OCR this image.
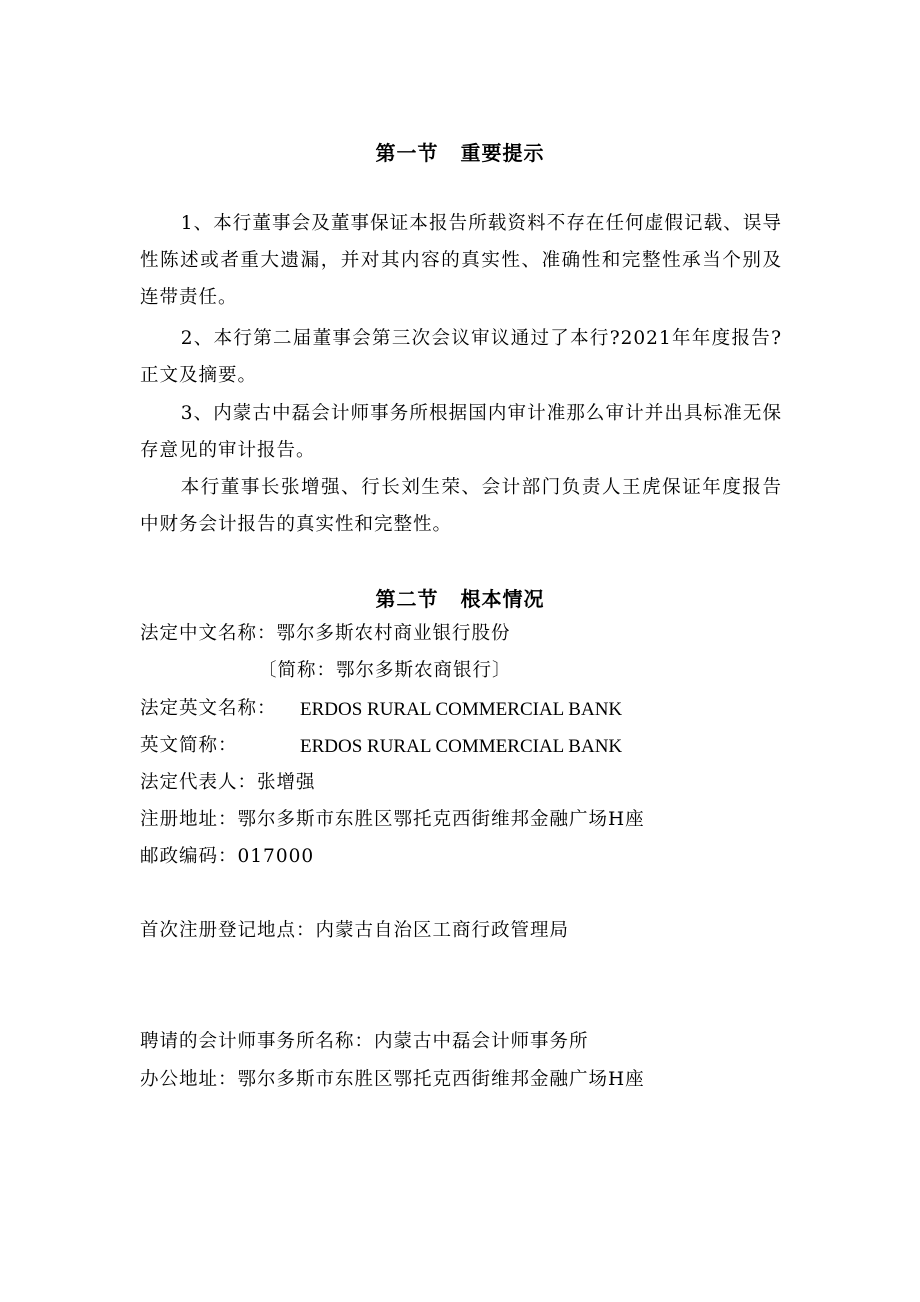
第一节 重要提示

1、本行董事会及董事保证本报告所载资料不存在任何虚假记载、误导性陈述或者重大遗漏，并对其内容的真实性、准确性和完整性承当个别及连带责任。

2、本行第二届董事会第三次会议审议通过了本行?2021年年度报告?正文及摘要。

3、内蒙古中磊会计师事务所根据国内审计准那么审计并出具标准无保存意见的审计报告。

本行董事长张增强、行长刘生荣、会计部门负责人王虎保证年度报告中财务会计报告的真实性和完整性。

第二节 根本情况
法定中文名称：鄂尔多斯农村商业银行股份
〔简称：鄂尔多斯农商银行〕
法定英文名称： ERDOS RURAL COMMERCIAL BANK
英文简称：	ERDOS RURAL COMMERCIAL BANK
法定代表人：张增强
注册地址：鄂尔多斯市东胜区鄂托克西街维邦金融广场H座
邮政编码：017000
首次注册登记地点：内蒙古自治区工商行政管理局
聘请的会计师事务所名称：内蒙古中磊会计师事务所
办公地址：鄂尔多斯市东胜区鄂托克西街维邦金融广场H座
